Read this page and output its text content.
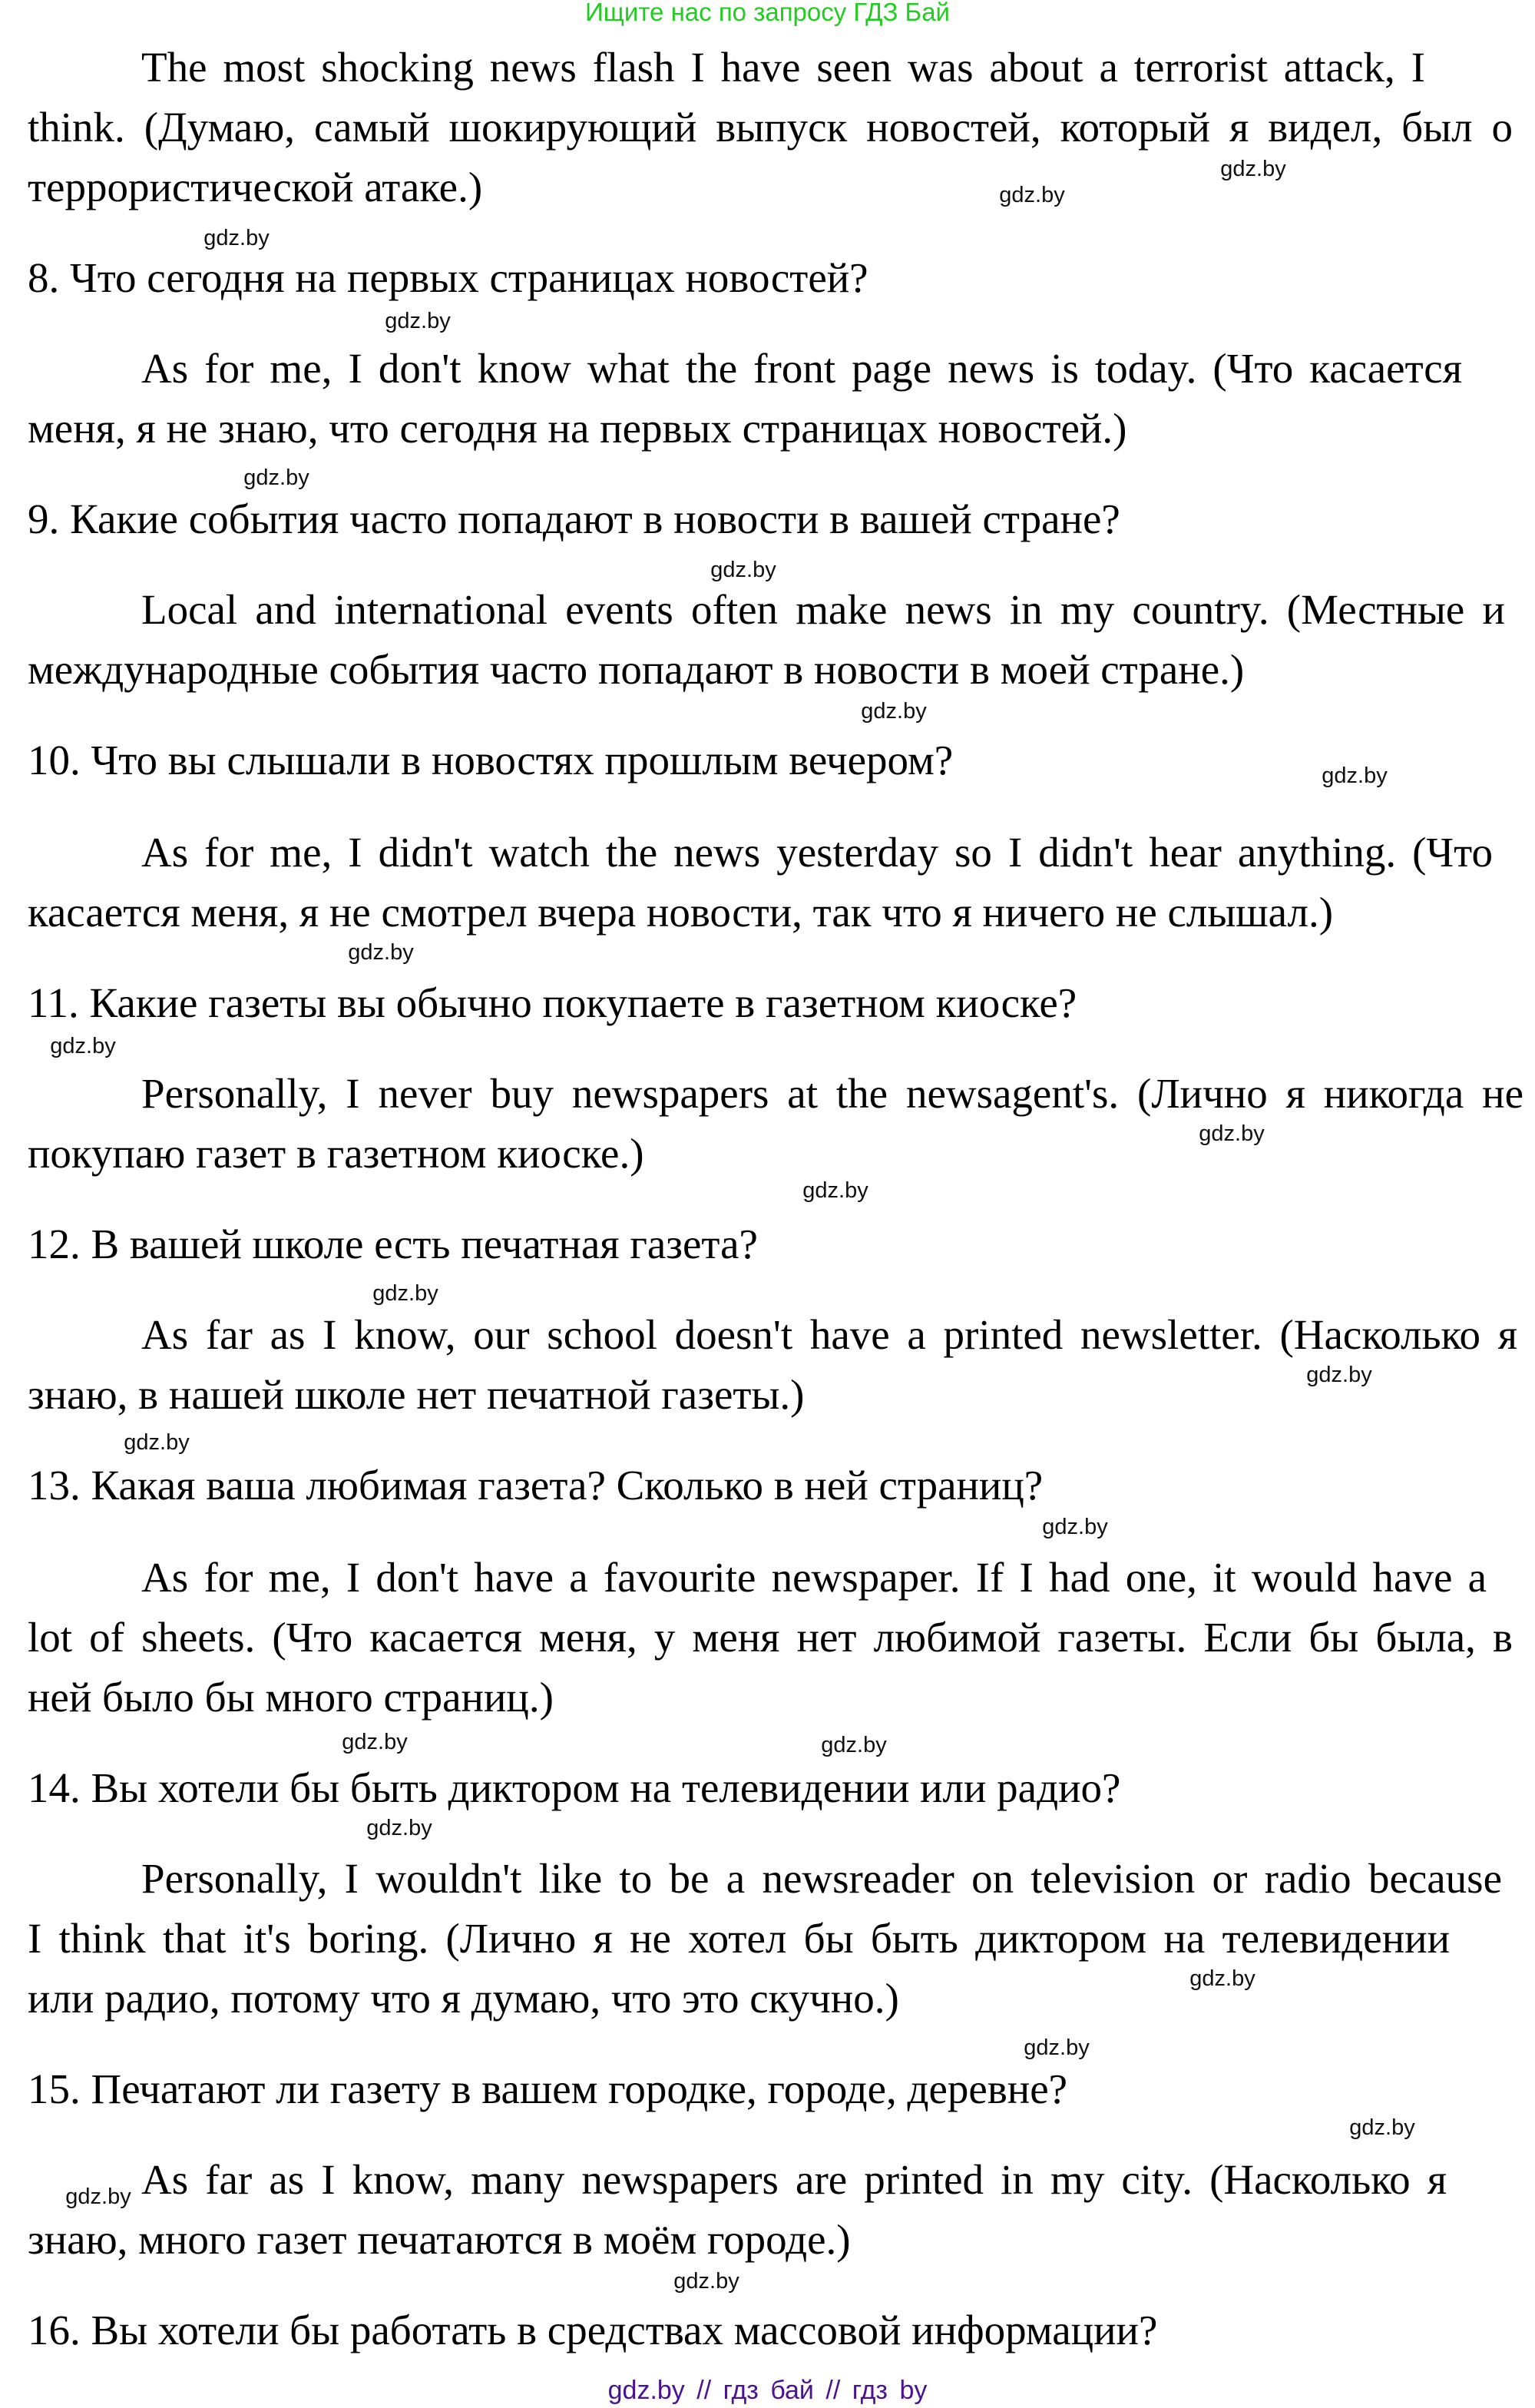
Ищите нас по запросу ГДЗ Бай
The most shocking news flash I have seen was about a terrorist attack, I
think. (Думаю, самый шокирующий выпуск новостей, который я видел, был о
террористической атаке.)
8. Что сегодня на первых страницах новостей?
As for me, I don't know what the front page news is today. (Что касается
меня, я не знаю, что сегодня на первых страницах новостей.)
9. Какие события часто попадают в новости в вашей стране?
Local and international events often make news in my country. (Местные и
международные события часто попадают в новости в моей стране.)
10. Что вы слышали в новостях прошлым вечером?
As for me, I didn't watch the news yesterday so I didn't hear anything. (Что
касается меня, я не смотрел вчера новости, так что я ничего не слышал.)
11. Какие газеты вы обычно покупаете в газетном киоске?
Personally, I never buy newspapers at the newsagent's. (Лично я никогда не
покупаю газет в газетном киоске.)
12. В вашей школе есть печатная газета?
As far as I know, our school doesn't have a printed newsletter. (Насколько я
знаю, в нашей школе нет печатной газеты.)
13. Какая ваша любимая газета? Сколько в ней страниц?
As for me, I don't have a favourite newspaper. If I had one, it would have a
lot of sheets. (Что касается меня, у меня нет любимой газеты. Если бы была, в
ней было бы много страниц.)
14. Вы хотели бы быть диктором на телевидении или радио?
Personally, I wouldn't like to be a newsreader on television or radio because
I think that it's boring. (Лично я не хотел бы быть диктором на телевидении
или радио, потому что я думаю, что это скучно.)
15. Печатают ли газету в вашем городке, городе, деревне?
As far as I know, many newspapers are printed in my city. (Насколько я
знаю, много газет печатаются в моём городе.)
16. Вы хотели бы работать в средствах массовой информации?
gdz.by
gdz.by
gdz.by
gdz.by
gdz.by
gdz.by
gdz.by
gdz.by
gdz.by
gdz.by
gdz.by
gdz.by
gdz.by
gdz.by
gdz.by
gdz.by
gdz.by	gdz.by
gdz.by
gdz.by
gdz.by
gdz.by
gdz.by
gdz.by
gdz.by // гдз бай // гдз by
